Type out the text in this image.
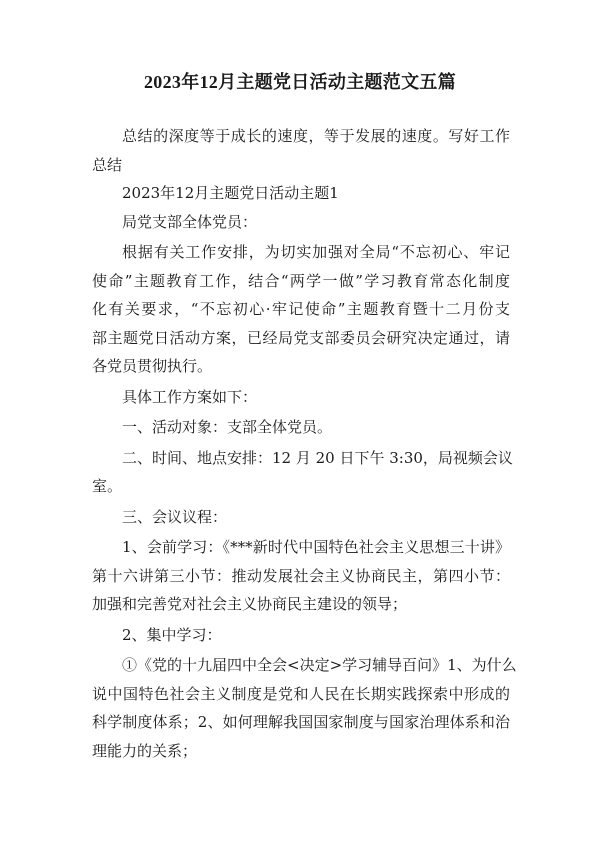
2023年12月主题党日活动主题范文五篇
总结的深度等于成长的速度，等于发展的速度。写好工作
总结
2023年12月主题党日活动主题1
局党支部全体党员：
根据有关工作安排，为切实加强对全局“不忘初心、牢记
使命”主题教育工作，结合“两学一做”学习教育常态化制度
化有关要求，“不忘初心·牢记使命”主题教育暨十二月份支
部主题党日活动方案，已经局党支部委员会研究决定通过，请
各党员贯彻执行。
具体工作方案如下：
一、活动对象：支部全体党员。
二、时间、地点安排：12 月 20 日下午 3:30，局视频会议
室。
三、会议议程：
1、会前学习：《***新时代中国特色社会主义思想三十讲》
第十六讲第三小节：推动发展社会主义协商民主，第四小节：
加强和完善党对社会主义协商民主建设的领导；
2、集中学习：
①《党的十九届四中全会<决定>学习辅导百问》1、为什么
说中国特色社会主义制度是党和人民在长期实践探索中形成的
科学制度体系；2、如何理解我国国家制度与国家治理体系和治
理能力的关系；
